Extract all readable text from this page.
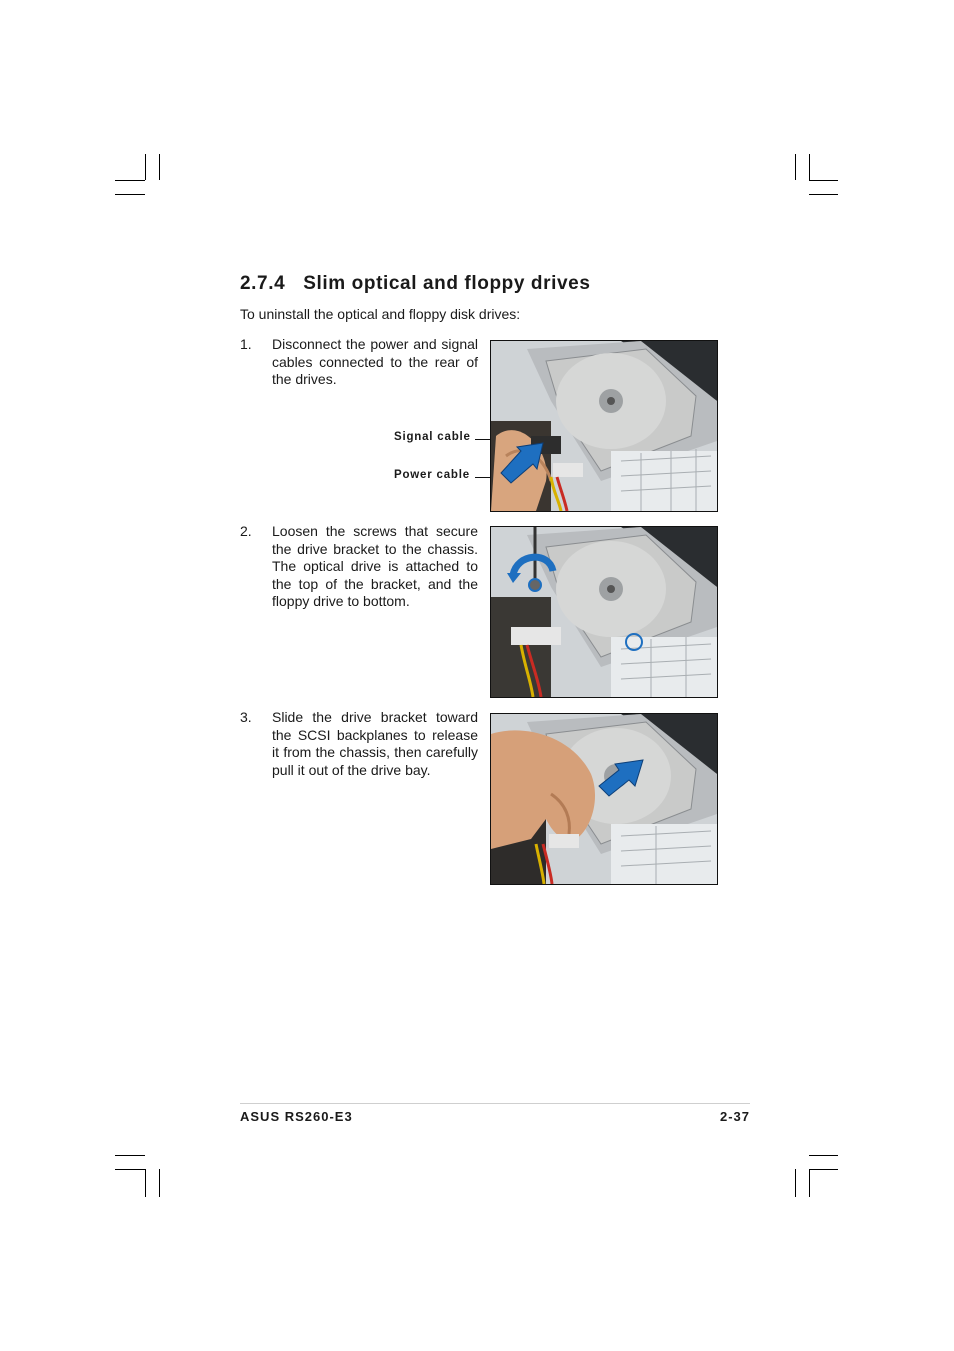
2.7.4 Slim optical and floppy drives
To uninstall the optical and floppy disk drives:
1. Disconnect the power and signal cables connected to the rear of the drives.
Signal cable
Power cable
2. Loosen the screws that secure the drive bracket to the chassis. The optical drive is attached to the top of the bracket, and the floppy drive to bottom.
3. Slide the drive bracket toward the SCSI backplanes to release it from the chassis, then carefully pull it out of the drive bay.
ASUS RS260-E3	2-37
